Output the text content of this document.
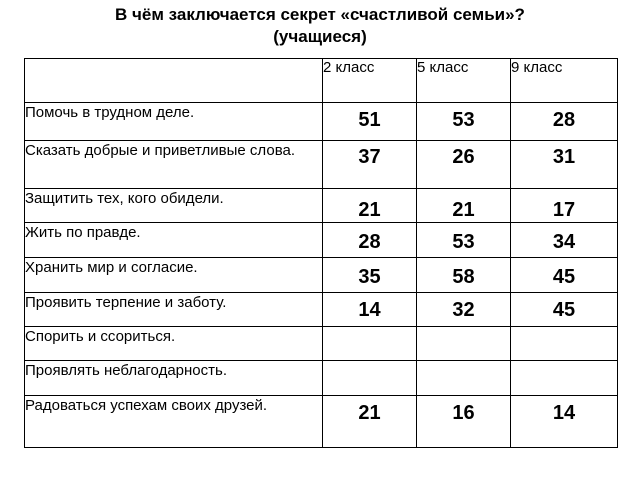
В чём заключается секрет «счастливой семьи»?
(учащиеся)
	2 класс	5 класс	9 класс
Помочь в трудном деле.	51	53	28

Сказать добрые и приветливые слова.	37	26	31

Защитить тех, кого обидели.	21	21	17

Жить по правде.	28	53	34

Хранить мир и согласие.	35	58	45

Проявить терпение и заботу.	14	32	45

Спорить и ссориться.	

Проявлять неблагодарность.	

Радоваться успехам своих друзей.	21	16	14
